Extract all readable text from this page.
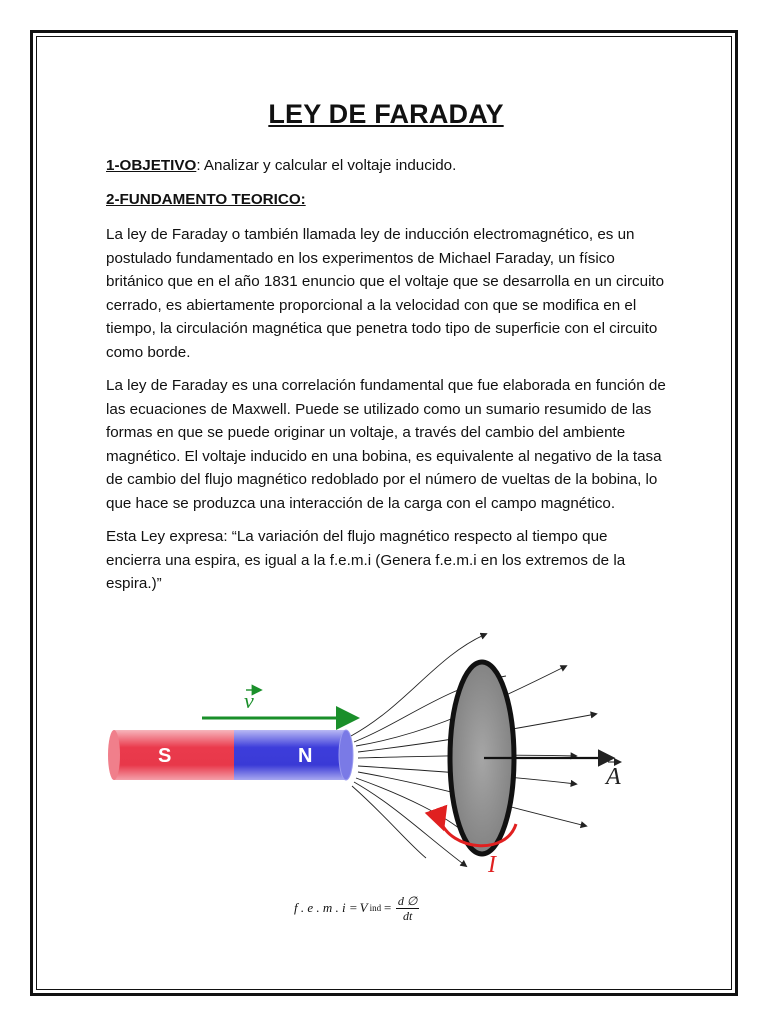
LEY DE FARADAY

1-OBJETIVO: Analizar y calcular el voltaje inducido.

2-FUNDAMENTO TEORICO:

La ley de Faraday o también llamada ley de inducción electromagnético, es un postulado fundamentado en los experimentos de Michael Faraday, un físico británico que en el año 1831 enuncio que el voltaje que se desarrolla en un circuito cerrado, es abiertamente proporcional a la velocidad con que se modifica en el tiempo, la circulación magnética que penetra todo tipo de superficie con el circuito como borde.

La ley de Faraday es una correlación fundamental que fue elaborada en función de las ecuaciones de Maxwell. Puede se utilizado como un sumario resumido de las formas en que se puede originar un voltaje, a través del cambio del ambiente magnético. El voltaje inducido en una bobina, es equivalente al negativo de la tasa de cambio del flujo magnético redoblado por el número de vueltas de la bobina, lo que hace se produzca una interacción de la carga con el campo magnético.

Esta Ley expresa: “La variación del flujo magnético respecto al tiempo que encierra una espira, es igual a la f.e.m.i (Genera f.e.m.i en los extremos de la espira.)”

S	N
v
A
I
f . e . m . i = V ind = $\frac{d \emptyset}{dt}$
